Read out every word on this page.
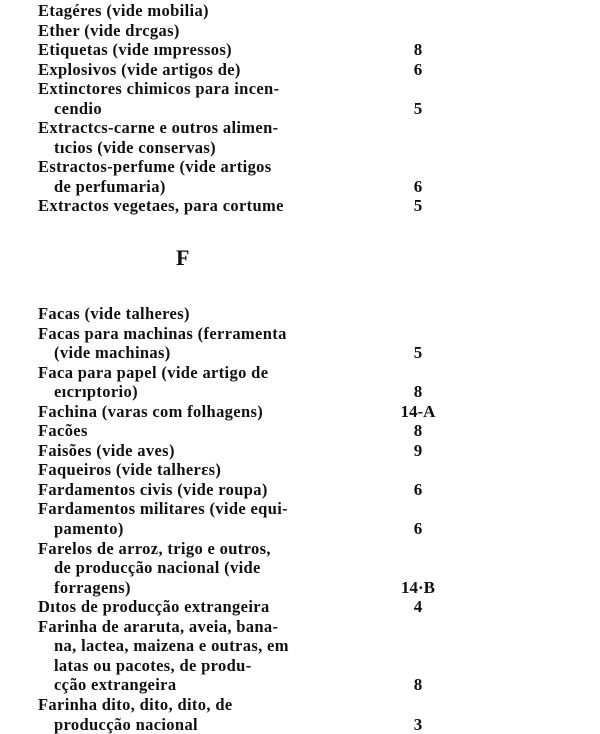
Etagéres (vide mobilia)
Ether (vide drcgas)
Etiquetas (vide ımpressos)	8
Explosivos (vide artigos de)	6
Extinctores chimicos para incen-
cendio	5
Extractcs-carne e outros alimen-
tıcios (vide conservas)
Estractos-perfume (vide artigos
de perfumaria)	6
Extractos vegetaes, para cortume	5
F
Facas (vide talheres)
Facas para machinas (ferramenta
(vide machinas)	5
Faca para papel (vide artigo de
eıcrıptorio)	8
Fachina (varas com folhagens)	14-A
Facões	8
Faisões (vide aves)	9
Faqueiros (vide talherɛs)
Fardamentos civis (vide roupa)	6
Fardamentos militares (vide equi-
pamento)	6
Farelos de arroz, trigo e outros,
de producção nacional (vide
forragens)	14·B
Dıtos de producção extrangeira	4
Farinha de araruta, aveia, bana-
na, lactea, maizena e outras, em
latas ou pacotes, de produ-
cção extrangeira	8
Farinha dito, dito, dito, de
producção nacional	3
